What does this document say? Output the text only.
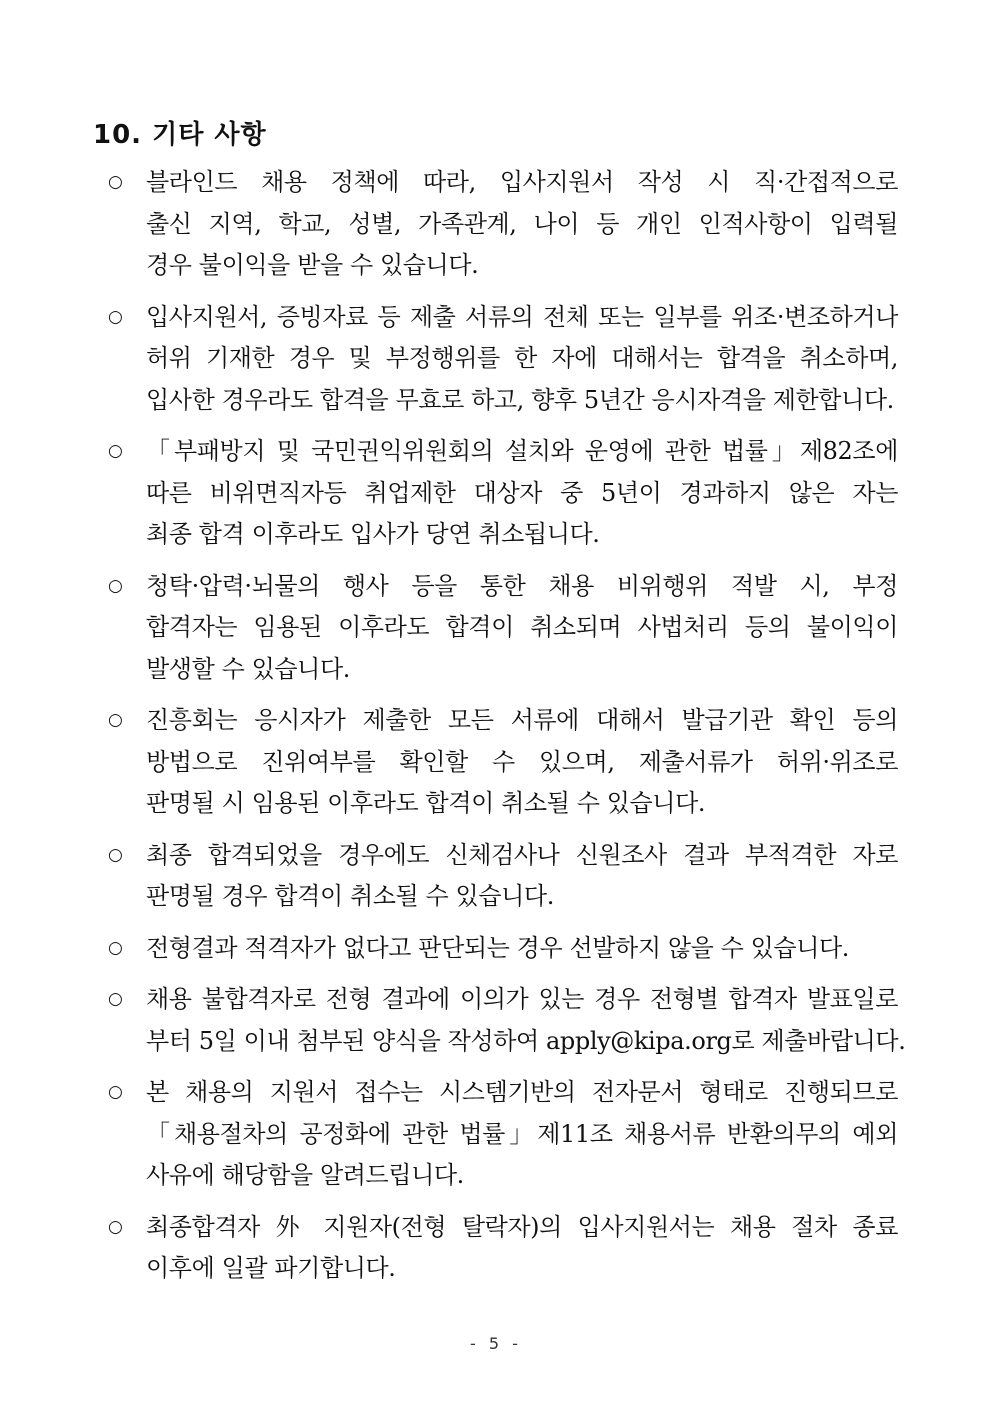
10. 기타 사항
○ 블라인드 채용 정책에 따라, 입사지원서 작성 시 직·간접적으로
출신 지역, 학교, 성별, 가족관계, 나이 등 개인 인적사항이 입력될
경우 불이익을 받을 수 있습니다.
○ 입사지원서, 증빙자료 등 제출 서류의 전체 또는 일부를 위조·변조하거나
허위 기재한 경우 및 부정행위를 한 자에 대해서는 합격을 취소하며,
입사한 경우라도 합격을 무효로 하고, 향후 5년간 응시자격을 제한합니다.
○ 「부패방지 및 국민권익위원회의 설치와 운영에 관한 법률」제82조에
따른 비위면직자등 취업제한 대상자 중 5년이 경과하지 않은 자는
최종 합격 이후라도 입사가 당연 취소됩니다.
○ 청탁·압력·뇌물의 행사 등을 통한 채용 비위행위 적발 시, 부정
합격자는 임용된 이후라도 합격이 취소되며 사법처리 등의 불이익이
발생할 수 있습니다.
○ 진흥회는 응시자가 제출한 모든 서류에 대해서 발급기관 확인 등의
방법으로 진위여부를 확인할 수 있으며, 제출서류가 허위·위조로
판명될 시 임용된 이후라도 합격이 취소될 수 있습니다.
○ 최종 합격되었을 경우에도 신체검사나 신원조사 결과 부적격한 자로
판명될 경우 합격이 취소될 수 있습니다.
○ 전형결과 적격자가 없다고 판단되는 경우 선발하지 않을 수 있습니다.
○ 채용 불합격자로 전형 결과에 이의가 있는 경우 전형별 합격자 발표일로
부터 5일 이내 첨부된 양식을 작성하여 apply@kipa.org로 제출바랍니다.
○ 본 채용의 지원서 접수는 시스템기반의 전자문서 형태로 진행되므로
「채용절차의 공정화에 관한 법률」제11조 채용서류 반환의무의 예외
사유에 해당함을 알려드립니다.
○ 최종합격자 外 지원자(전형 탈락자)의 입사지원서는 채용 절차 종료
이후에 일괄 파기합니다.
- 5 -
